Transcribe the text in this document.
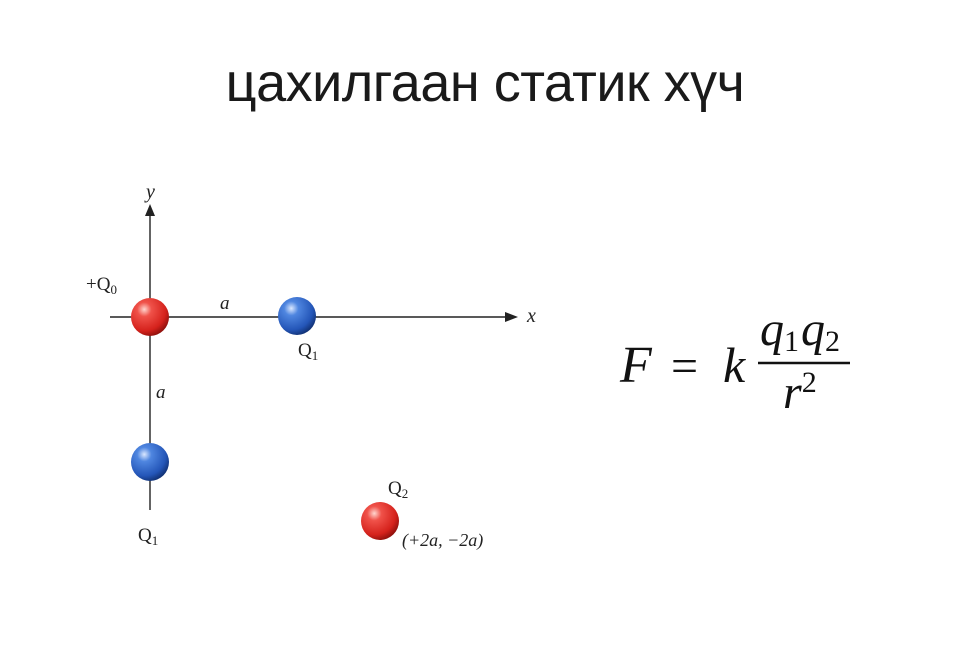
цахилгаан статик хүч
y
x
$+Q_0$
a
a
$Q_1$
$Q_1$
$Q_2$
(+2a, −2a)
F = k
q1q2
$r^2$
